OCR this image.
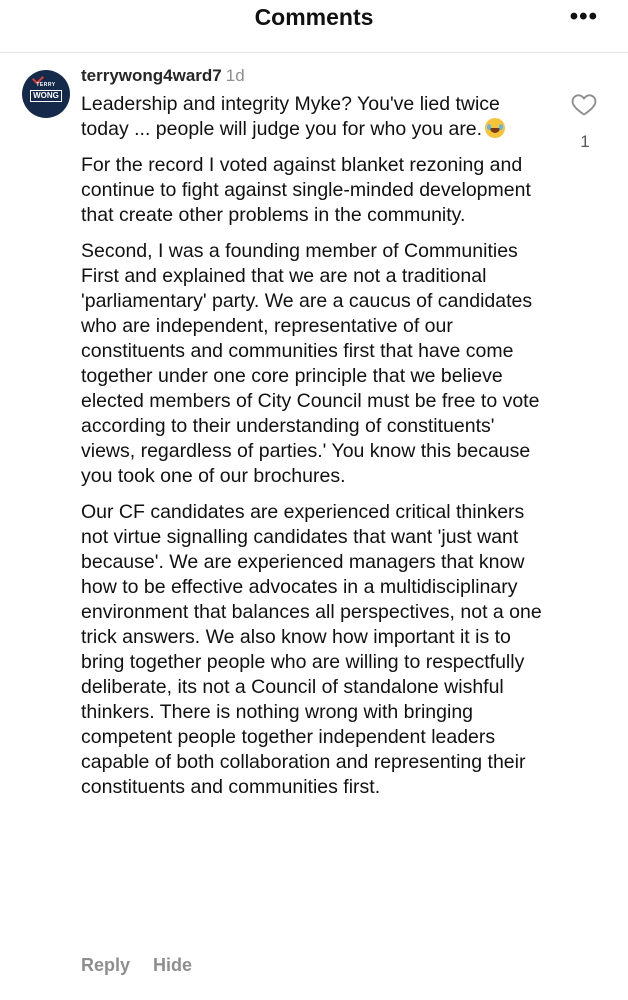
Comments	•••
TERRY
WONG
terrywong4ward7 1d

Leadership and integrity Myke? You've lied twice today ... people will judge you for who you are.

For the record I voted against blanket rezoning and continue to fight against single-minded development that create other problems in the community.

Second, I was a founding member of Communities First and explained that we are not a traditional 'parliamentary' party. We are a caucus of candidates who are independent, representative of our constituents and communities first that have come together under one core principle that we believe elected members of City Council must be free to vote according to their understanding of constituents' views, regardless of parties.' You know this because you took one of our brochures.

Our CF candidates are experienced critical thinkers not virtue signalling candidates that want 'just want because'. We are experienced managers that know how to be effective advocates in a multidisciplinary environment that balances all perspectives, not a one trick answers. We also know how important it is to bring together people who are willing to respectfully deliberate, its not a Council of standalone wishful thinkers. There is nothing wrong with bringing competent people together independent leaders capable of both collaboration and representing their constituents and communities first.

1
Reply Hide
